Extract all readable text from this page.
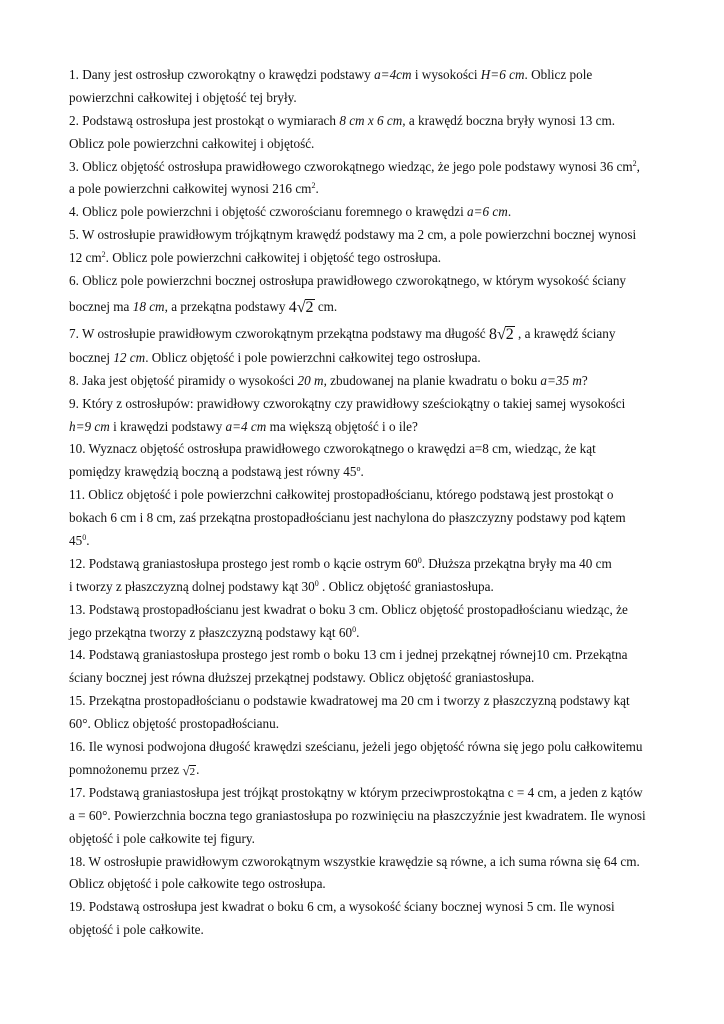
1. Dany jest ostrosłup czworokątny o krawędzi podstawy a=4cm i wysokości H=6 cm. Oblicz pole
powierzchni całkowitej i objętość tej bryły.
2. Podstawą ostrosłupa jest prostokąt o wymiarach 8 cm x 6 cm, a krawędź boczna bryły wynosi 13 cm.
Oblicz pole powierzchni całkowitej i objętość.
3. Oblicz objętość ostrosłupa prawidłowego czworokątnego wiedząc, że jego pole podstawy wynosi 36 $cm^2$,
a pole powierzchni całkowitej wynosi 216 $cm^2$.
4. Oblicz pole powierzchni i objętość czworościanu foremnego o krawędzi a=6 cm.
5. W ostrosłupie prawidłowym trójkątnym krawędź podstawy ma 2 cm, a pole powierzchni bocznej wynosi
12 $cm^2$. Oblicz pole powierzchni całkowitej i objętość tego ostrosłupa.
6. Oblicz pole powierzchni bocznej ostrosłupa prawidłowego czworokątnego, w którym wysokość ściany
bocznej ma 18 cm, a przekątna podstawy 4√2 cm.
7. W ostrosłupie prawidłowym czworokątnym przekątna podstawy ma długość 8√2 , a krawędź ściany
bocznej 12 cm. Oblicz objętość i pole powierzchni całkowitej tego ostrosłupa.
8. Jaka jest objętość piramidy o wysokości 20 m, zbudowanej na planie kwadratu o boku a=35 m?
9. Który z ostrosłupów: prawidłowy czworokątny czy prawidłowy sześciokątny o takiej samej wysokości
h=9 cm i krawędzi podstawy a=4 cm ma większą objętość i o ile?
10. Wyznacz objętość ostrosłupa prawidłowego czworokątnego o krawędzi a=8 cm, wiedząc, że kąt
pomiędzy krawędzią boczną a podstawą jest równy 45$^o$.
11. Oblicz objętość i pole powierzchni całkowitej prostopadłościanu, którego podstawą jest prostokąt o
bokach 6 cm i 8 cm, zaś przekątna prostopadłościanu jest nachylona do płaszczyzny podstawy pod kątem
$45^0$.
12. Podstawą graniastosłupa prostego jest romb o kącie ostrym $60^0$. Dłuższa przekątna bryły ma 40 cm
i tworzy z płaszczyzną dolnej podstawy kąt $30^0$ . Oblicz objętość graniastosłupa.
13. Podstawą prostopadłościanu jest kwadrat o boku 3 cm. Oblicz objętość prostopadłościanu wiedząc, że
jego przekątna tworzy z płaszczyzną podstawy kąt $60^0$.
14. Podstawą graniastosłupa prostego jest romb o boku 13 cm i jednej przekątnej równej10 cm. Przekątna
ściany bocznej jest równa dłuższej przekątnej podstawy. Oblicz objętość graniastosłupa.
15. Przekątna prostopadłościanu o podstawie kwadratowej ma 20 cm i tworzy z płaszczyzną podstawy kąt
60°. Oblicz objętość prostopadłościanu.
16. Ile wynosi podwojona długość krawędzi sześcianu, jeżeli jego objętość równa się jego polu całkowitemu
pomnożonemu przez √2.
17. Podstawą graniastosłupa jest trójkąt prostokątny w którym przeciwprostokątna c = 4 cm, a jeden z kątów
a = 60°. Powierzchnia boczna tego graniastosłupa po rozwinięciu na płaszczyźnie jest kwadratem. Ile wynosi
objętość i pole całkowite tej figury.
18. W ostrosłupie prawidłowym czworokątnym wszystkie krawędzie są równe, a ich suma równa się 64 cm.
Oblicz objętość i pole całkowite tego ostrosłupa.
19. Podstawą ostrosłupa jest kwadrat o boku 6 cm, a wysokość ściany bocznej wynosi 5 cm. Ile wynosi
objętość i pole całkowite.
